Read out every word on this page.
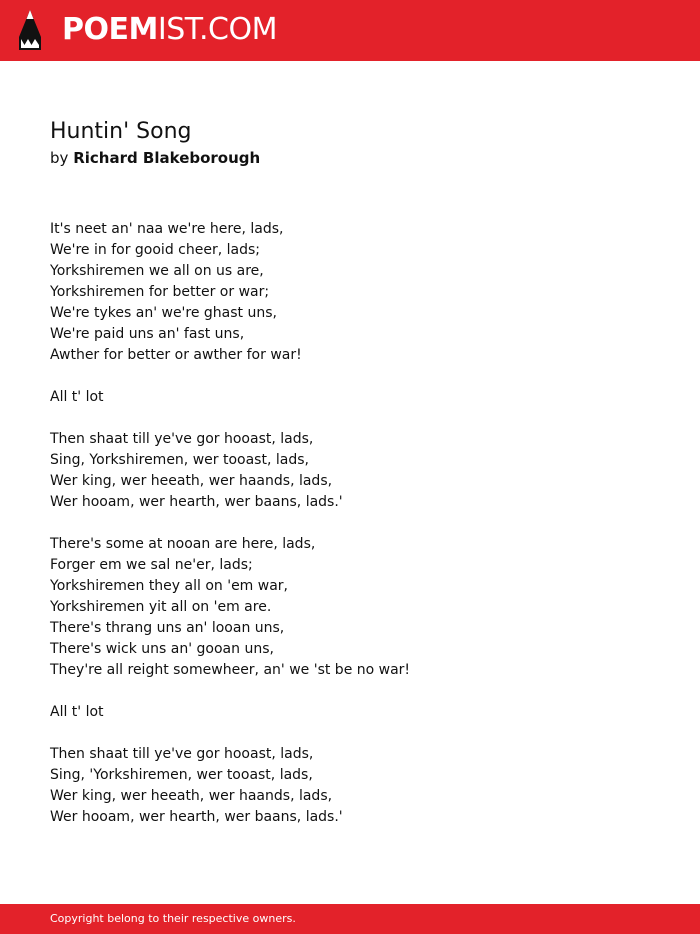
POEMIST.COM
Huntin' Song
by Richard Blakeborough
It's neet an' naa we're here, lads,
We're in for gooid cheer, lads;
Yorkshiremen we all on us are,
Yorkshiremen for better or war;
We're tykes an' we're ghast uns,
We're paid uns an' fast uns,
Awther for better or awther for war!
All t' lot
Then shaat till ye've gor hooast, lads,
Sing, Yorkshiremen, wer tooast, lads,
Wer king, wer heeath, wer haands, lads,
Wer hooam, wer hearth, wer baans, lads.'
There's some at nooan are here, lads,
Forger em we sal ne'er, lads;
Yorkshiremen they all on 'em war,
Yorkshiremen yit all on 'em are.
There's thrang uns an' looan uns,
There's wick uns an' gooan uns,
They're all reight somewheer, an' we 'st be no war!
All t' lot
Then shaat till ye've gor hooast, lads,
Sing, 'Yorkshiremen, wer tooast, lads,
Wer king, wer heeath, wer haands, lads,
Wer hooam, wer hearth, wer baans, lads.'
Copyright belong to their respective owners.
